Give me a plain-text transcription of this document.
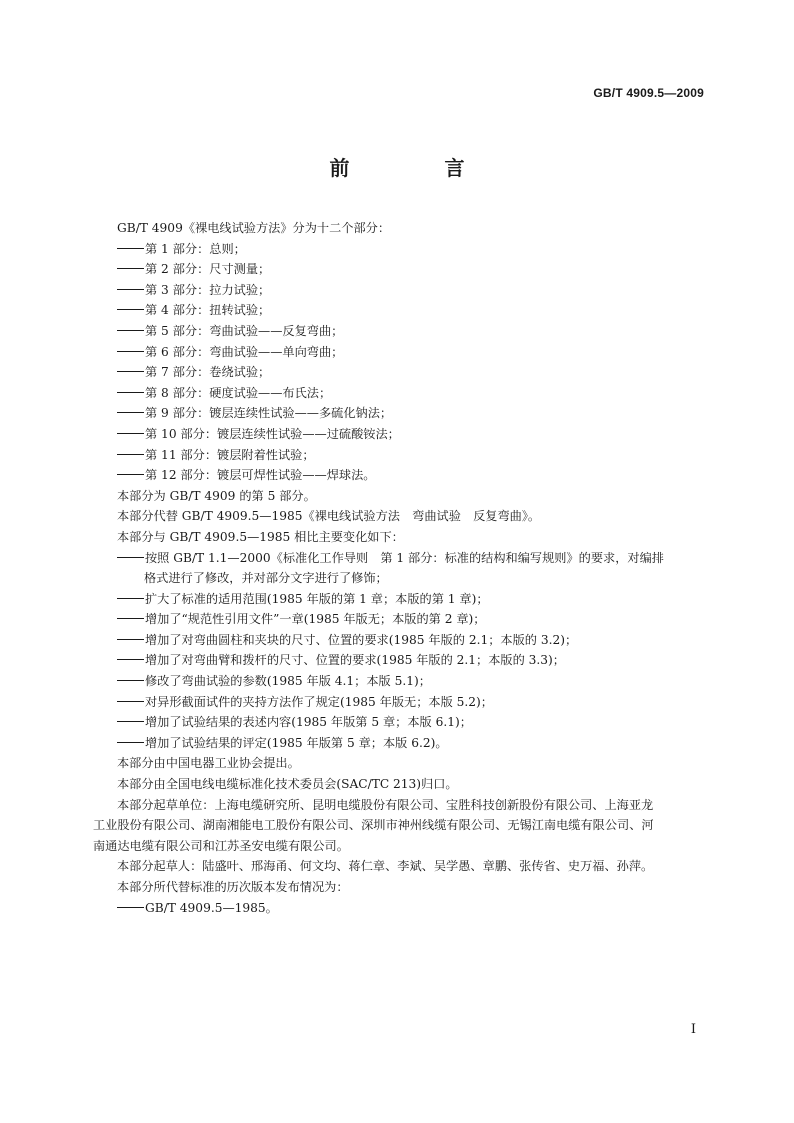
GB/T 4909.5—2009
前 言
GB/T 4909《裸电线试验方法》分为十二个部分：
第 1 部分：总则；
第 2 部分：尺寸测量；
第 3 部分：拉力试验；
第 4 部分：扭转试验；
第 5 部分：弯曲试验——反复弯曲；
第 6 部分：弯曲试验——单向弯曲；
第 7 部分：卷绕试验；
第 8 部分：硬度试验——布氏法；
第 9 部分：镀层连续性试验——多硫化钠法；
第 10 部分：镀层连续性试验——过硫酸铵法；
第 11 部分：镀层附着性试验；
第 12 部分：镀层可焊性试验——焊球法。
本部分为 GB/T 4909 的第 5 部分。
本部分代替 GB/T 4909.5—1985《裸电线试验方法　弯曲试验　反复弯曲》。
本部分与 GB/T 4909.5—1985 相比主要变化如下：
按照 GB/T 1.1—2000《标准化工作导则　第 1 部分：标准的结构和编写规则》的要求，对编排
格式进行了修改，并对部分文字进行了修饰；
扩大了标准的适用范围(1985 年版的第 1 章；本版的第 1 章)；
增加了“规范性引用文件”一章(1985 年版无；本版的第 2 章)；
增加了对弯曲圆柱和夹块的尺寸、位置的要求(1985 年版的 2.1；本版的 3.2)；
增加了对弯曲臂和拨杆的尺寸、位置的要求(1985 年版的 2.1；本版的 3.3)；
修改了弯曲试验的参数(1985 年版 4.1；本版 5.1)；
对异形截面试件的夹持方法作了规定(1985 年版无；本版 5.2)；
增加了试验结果的表述内容(1985 年版第 5 章；本版 6.1)；
增加了试验结果的评定(1985 年版第 5 章；本版 6.2)。
本部分由中国电器工业协会提出。
本部分由全国电线电缆标准化技术委员会(SAC/TC 213)归口。
本部分起草单位：上海电缆研究所、昆明电缆股份有限公司、宝胜科技创新股份有限公司、上海亚龙
工业股份有限公司、湖南湘能电工股份有限公司、深圳市神州线缆有限公司、无锡江南电缆有限公司、河
南通达电缆有限公司和江苏圣安电缆有限公司。
本部分起草人：陆盛叶、邢海甬、何文均、蒋仁章、李斌、吴学愚、章鹏、张传省、史万福、孙萍。
本部分所代替标准的历次版本发布情况为：
GB/T 4909.5—1985。
I
